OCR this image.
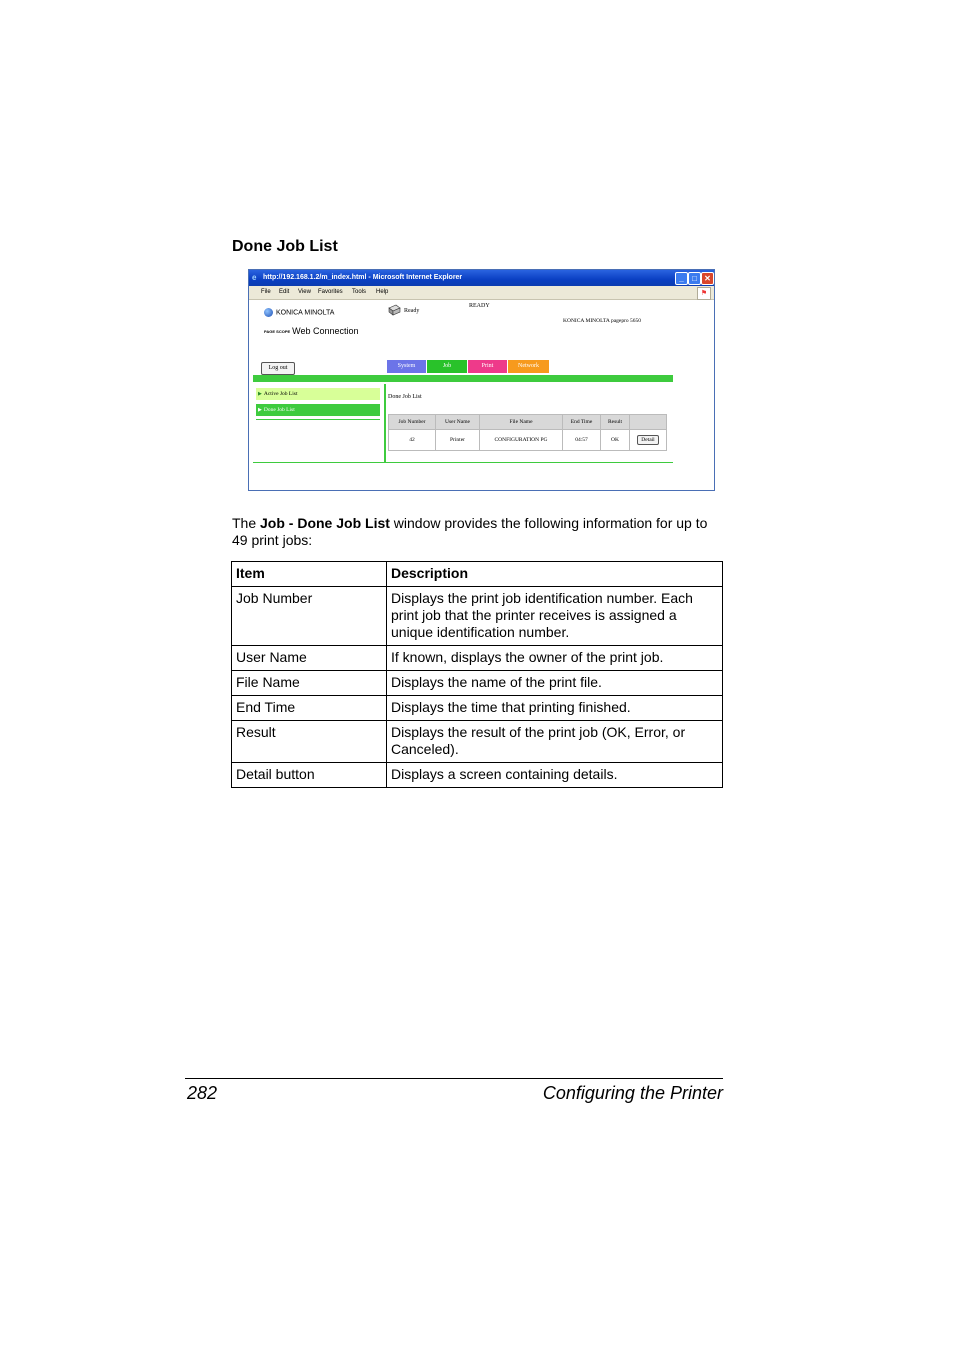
Done Job List
e http://192.168.1.2/m_index.html - Microsoft Internet Explorer	_	□ ✕
File Edit View Favorites Tools Help	⚑
KONICA MINOLTA
PAGE SCOPE Web Connection
Ready
READY
KONICA MINOLTA pagepro 5650
Log out	System	Job	Print	Network
▶ Active Job List
▶ Done Job List
Done Job List
Job Number	User Name	File Name	End Time	Result	
42	Printer	CONFIGURATION PG	04:57	OK	Detail
The Job - Done Job List window provides the following information for up to 49 print jobs:
Item	Description
Job Number	Displays the print job identification number. Each print job that the printer receives is assigned a unique identification number.
User Name	If known, displays the owner of the print job.
File Name	Displays the name of the print file.
End Time	Displays the time that printing finished.
Result	Displays the result of the print job (OK, Error, or Canceled).
Detail button	Displays a screen containing details.
282	Configuring the Printer
